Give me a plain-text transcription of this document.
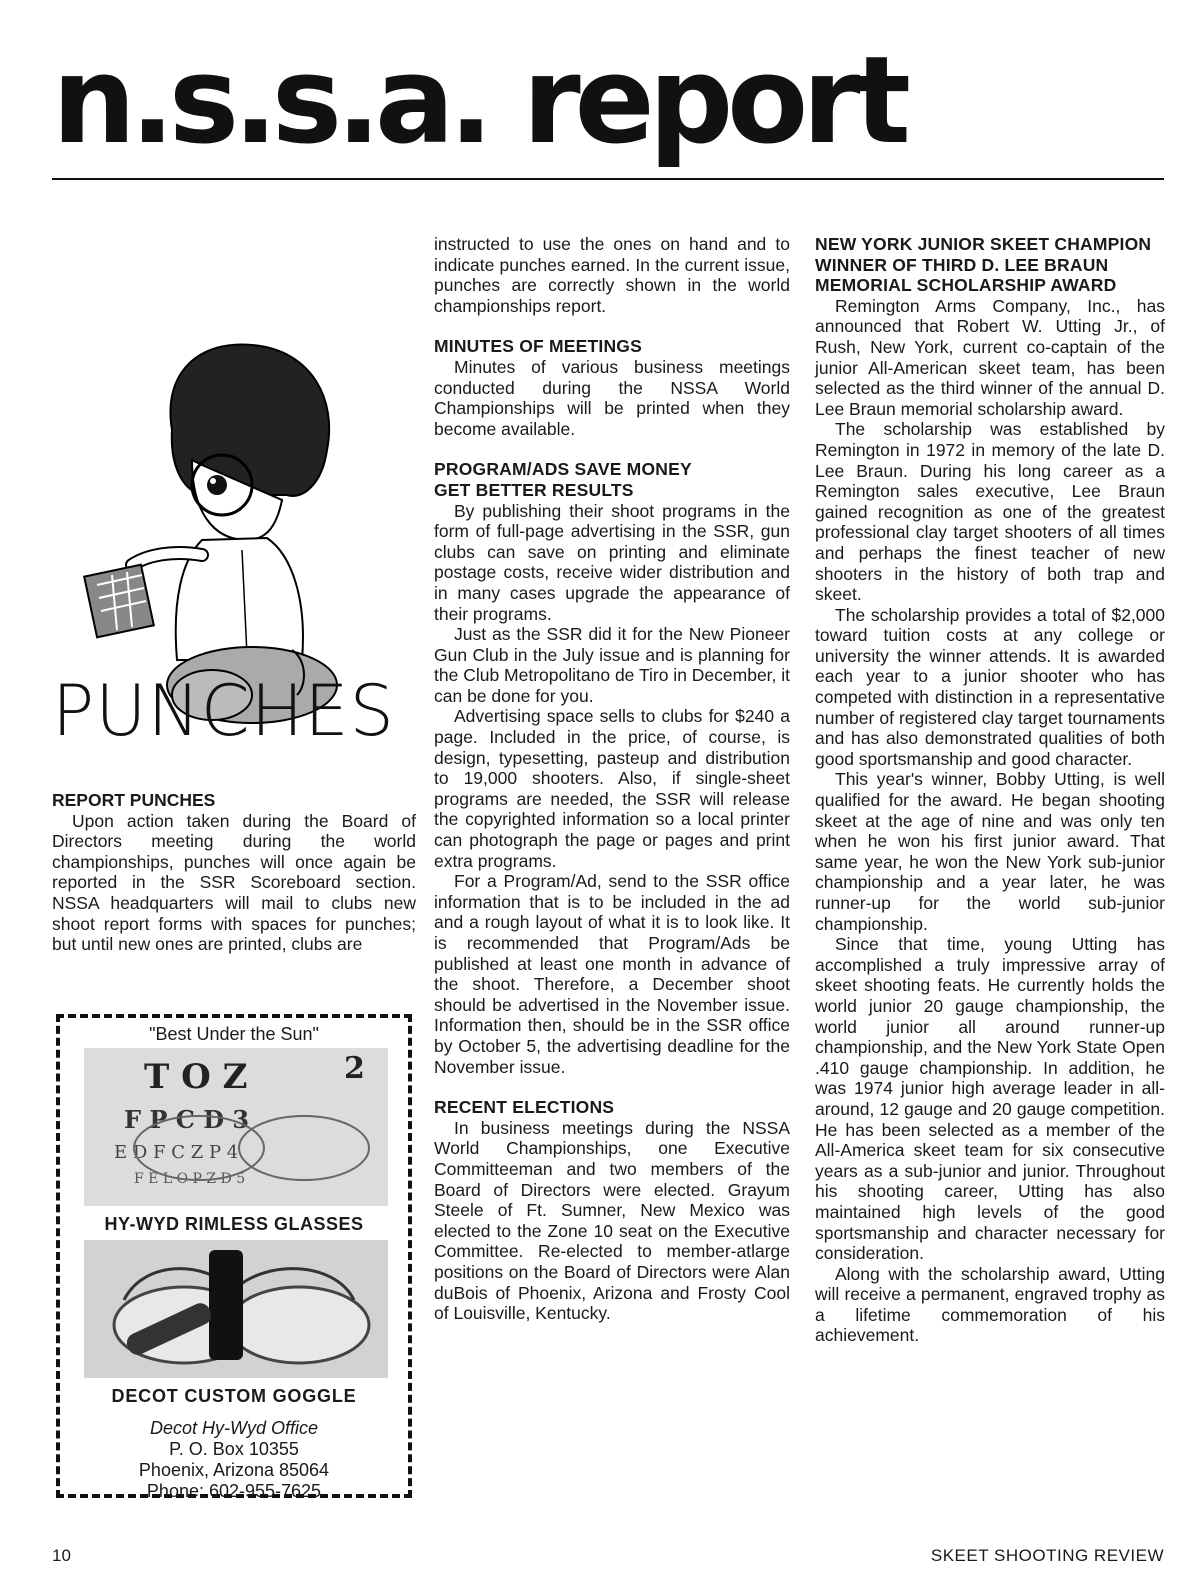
n.s.s.a. report
PUNCHES
REPORT PUNCHES

Upon action taken during the Board of Directors meeting during the world championships, punches will once again be reported in the SSR Scoreboard section. NSSA headquarters will mail to clubs new shoot report forms with spaces for punches; but until new ones are printed, clubs are

"Best Under the Sun"
T O Z
F P C D 3
E D F C Z P 4
F E L O P Z D 5
2
HY-WYD RIMLESS GLASSES
DECOT CUSTOM GOGGLE
Decot Hy-Wyd Office
P. O. Box 10355
Phoenix, Arizona 85064
Phone: 602-955-7625

instructed to use the ones on hand and to indicate punches earned. In the current issue, punches are correctly shown in the world championships report.

MINUTES OF MEETINGS

Minutes of various business meetings conducted during the NSSA World Championships will be printed when they become available.

PROGRAM/ADS SAVE MONEY
GET BETTER RESULTS

By publishing their shoot programs in the form of full-page advertising in the SSR, gun clubs can save on printing and eliminate postage costs, receive wider distribution and in many cases upgrade the appearance of their programs.

Just as the SSR did it for the New Pioneer Gun Club in the July issue and is planning for the Club Metropolitano de Tiro in December, it can be done for you.

Advertising space sells to clubs for $240 a page. Included in the price, of course, is design, typesetting, pasteup and distribution to 19,000 shooters. Also, if single-sheet programs are needed, the SSR will release the copyrighted information so a local printer can photograph the page or pages and print extra programs.

For a Program/Ad, send to the SSR office information that is to be included in the ad and a rough layout of what it is to look like. It is recommended that Program/Ads be published at least one month in advance of the shoot. Therefore, a December shoot should be advertised in the November issue. Information then, should be in the SSR office by October 5, the advertising deadline for the November issue.

RECENT ELECTIONS

In business meetings during the NSSA World Championships, one Executive Committeeman and two members of the Board of Directors were elected. Grayum Steele of Ft. Sumner, New Mexico was elected to the Zone 10 seat on the Executive Committee. Re-elected to member-atlarge positions on the Board of Directors were Alan duBois of Phoenix, Arizona and Frosty Cool of Louisville, Kentucky.

NEW YORK JUNIOR SKEET CHAMPION WINNER OF THIRD D. LEE BRAUN MEMORIAL SCHOLARSHIP AWARD

Remington Arms Company, Inc., has announced that Robert W. Utting Jr., of Rush, New York, current co-captain of the junior All-American skeet team, has been selected as the third winner of the annual D. Lee Braun memorial scholarship award.

The scholarship was established by Remington in 1972 in memory of the late D. Lee Braun. During his long career as a Remington sales executive, Lee Braun gained recognition as one of the greatest professional clay target shooters of all times and perhaps the finest teacher of new shooters in the history of both trap and skeet.

The scholarship provides a total of $2,000 toward tuition costs at any college or university the winner attends. It is awarded each year to a junior shooter who has competed with distinction in a representative number of registered clay target tournaments and has also demonstrated qualities of both good sportsmanship and good character.

This year's winner, Bobby Utting, is well qualified for the award. He began shooting skeet at the age of nine and was only ten when he won his first junior award. That same year, he won the New York sub-junior championship and a year later, he was runner-up for the world sub-junior championship.

Since that time, young Utting has accomplished a truly impressive array of skeet shooting feats. He currently holds the world junior 20 gauge championship, the world junior all around runner-up championship, and the New York State Open .410 gauge championship. In addition, he was 1974 junior high average leader in all-around, 12 gauge and 20 gauge competition. He has been selected as a member of the All-America skeet team for six consecutive years as a sub-junior and junior. Throughout his shooting career, Utting has also maintained high levels of the good sportsmanship and character necessary for consideration.

Along with the scholarship award, Utting will receive a permanent, engraved trophy as a lifetime commemoration of his achievement.

10	SKEET SHOOTING REVIEW
